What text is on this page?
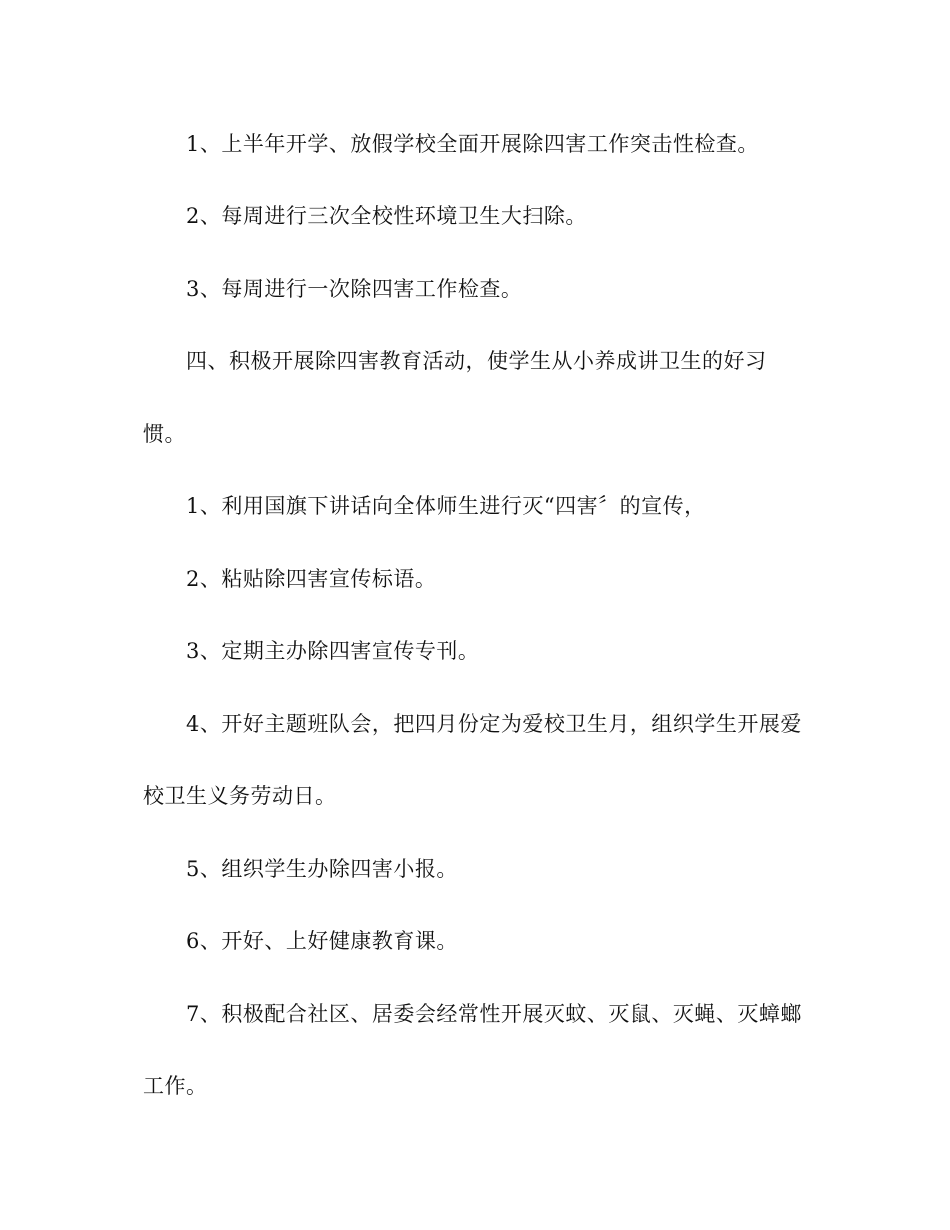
1、上半年开学、放假学校全面开展除四害工作突击性检查。
2、每周进行三次全校性环境卫生大扫除。
3、每周进行一次除四害工作检查。
四、积极开展除四害教育活动，使学生从小养成讲卫生的好习
惯。
1、利用国旗下讲话向全体师生进行灭“四害〞的宣传，
2、粘贴除四害宣传标语。
3、定期主办除四害宣传专刊。
4、开好主题班队会，把四月份定为爱校卫生月，组织学生开展爱
校卫生义务劳动日。
5、组织学生办除四害小报。
6、开好、上好健康教育课。
7、积极配合社区、居委会经常性开展灭蚊、灭鼠、灭蝇、灭蟑螂
工作。
